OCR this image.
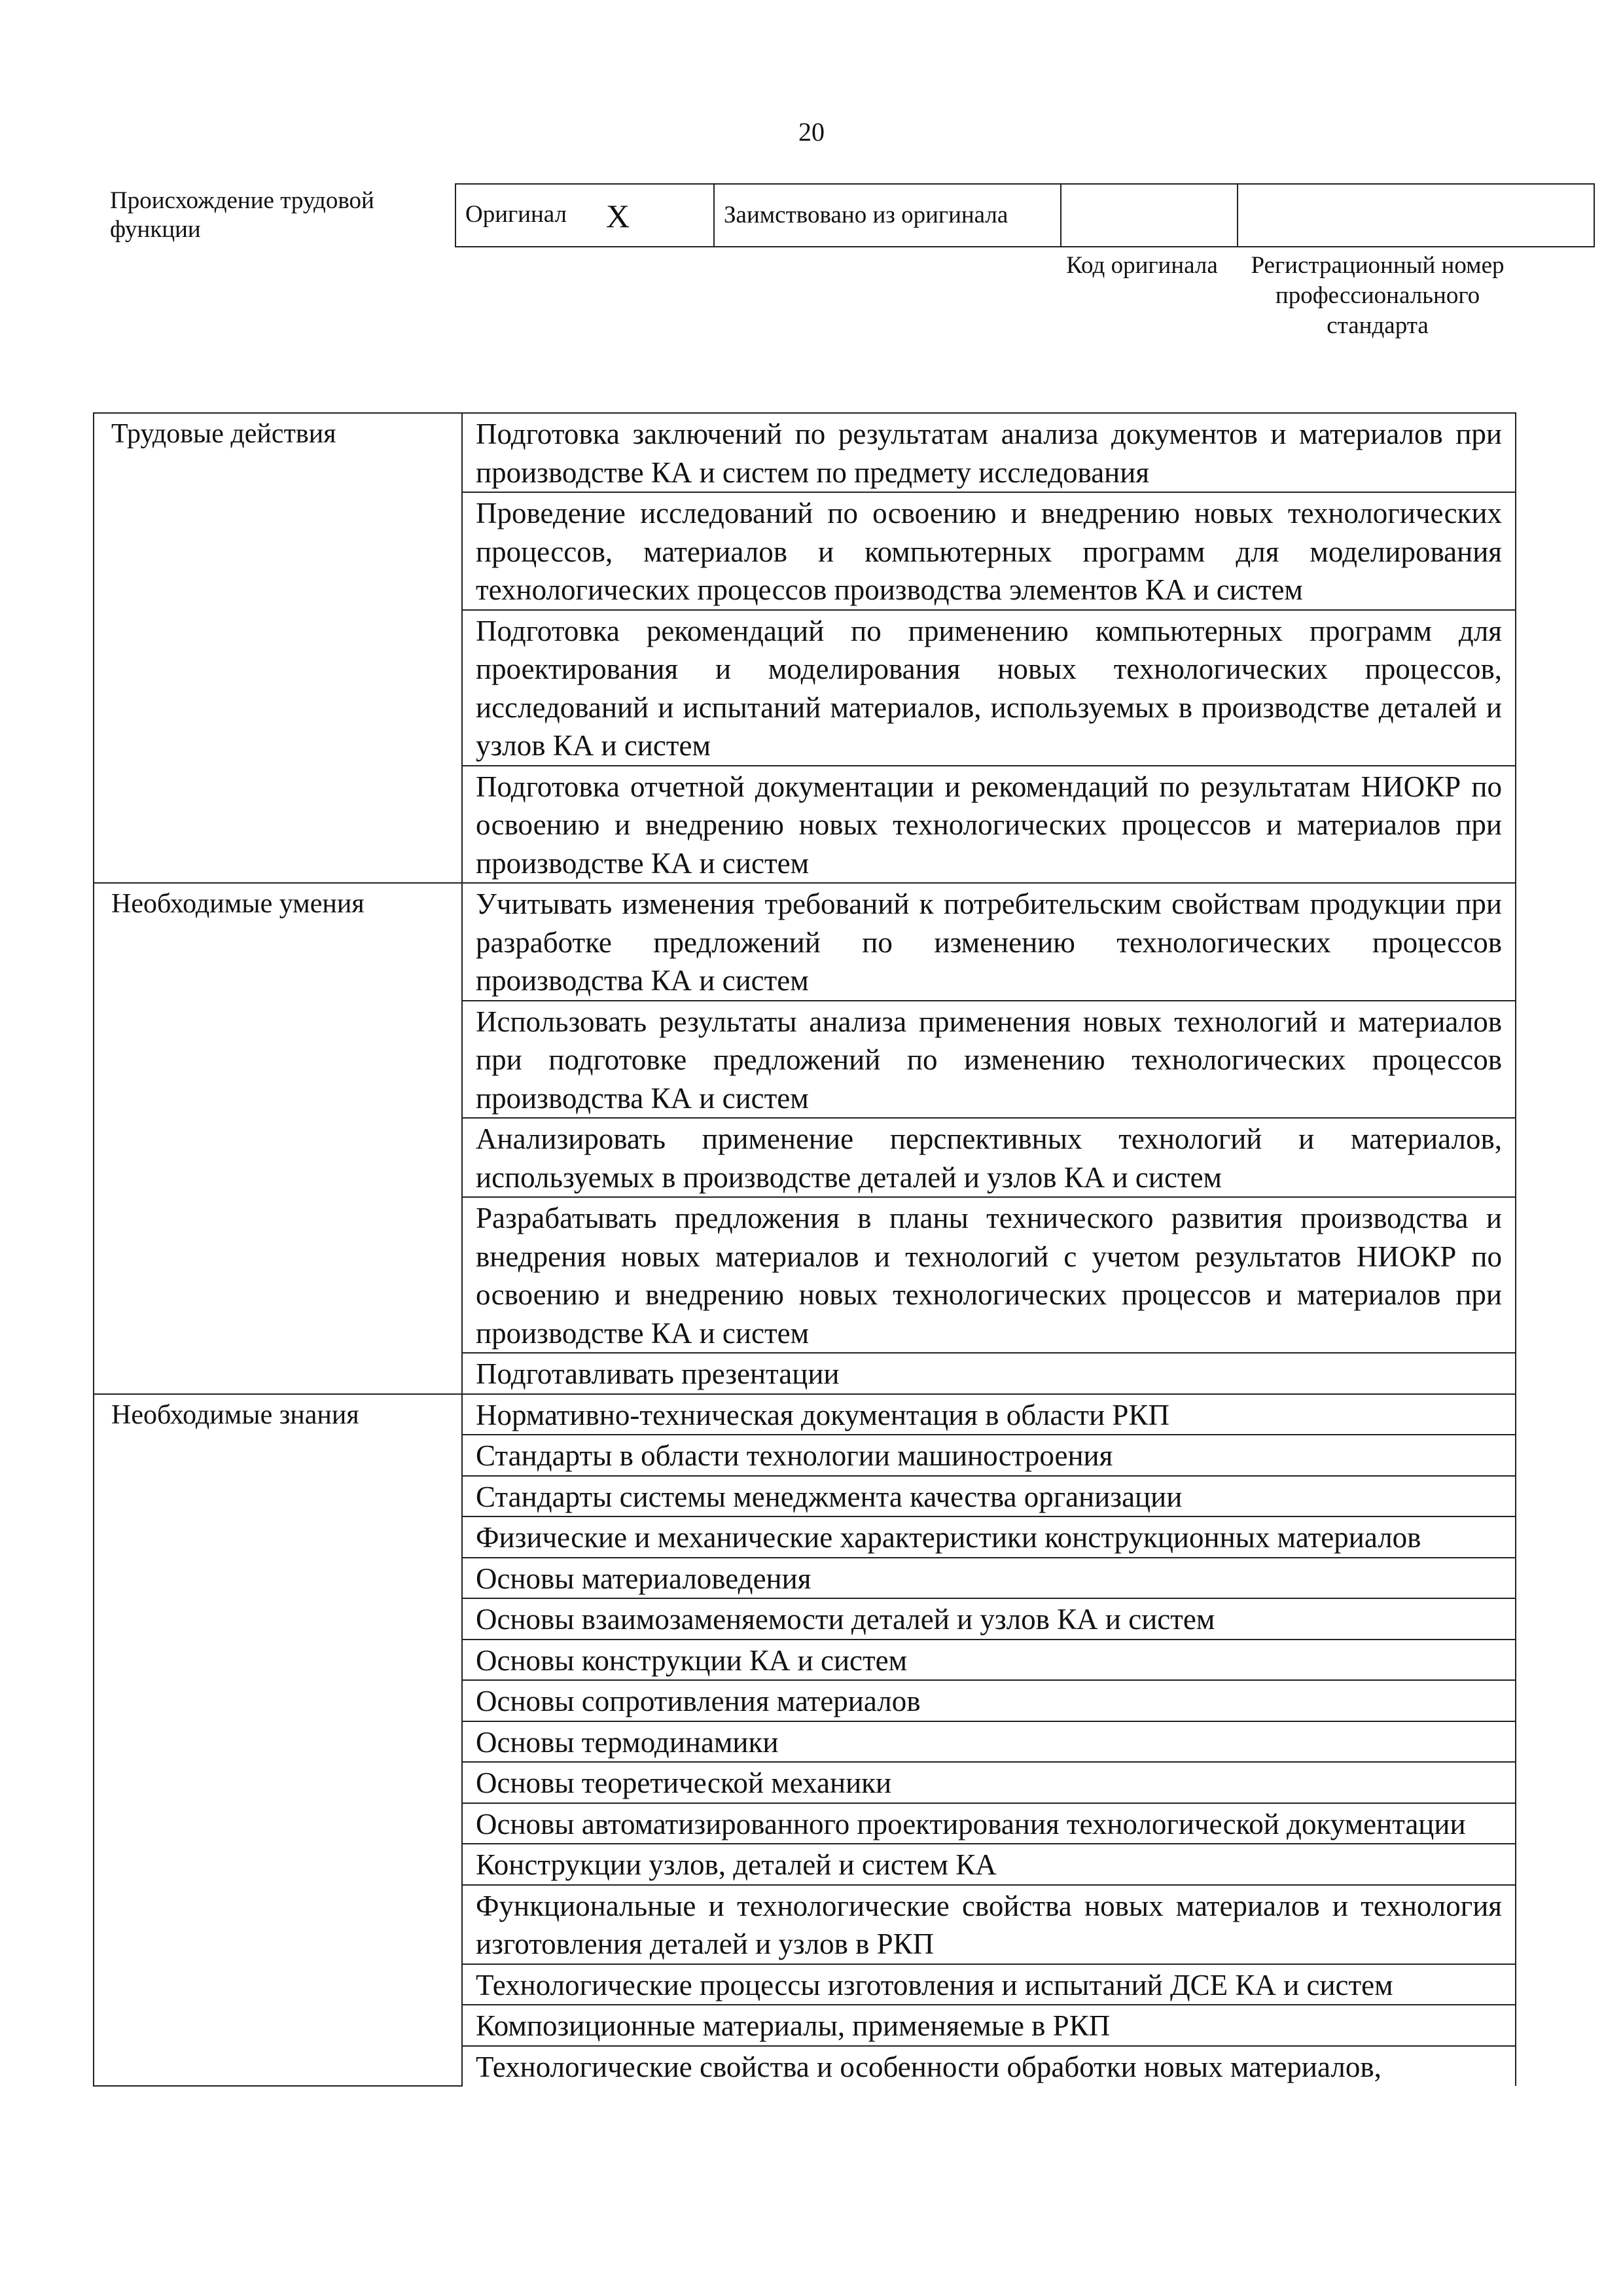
20
Происхождение трудовой функции
Оригинал X	Заимствовано из оригинала		
Код оригинала	Регистрационный номер профессионального стандарта
Трудовые действия	Подготовка заключений по результатам анализа документов и материалов при производстве КА и систем по предмету исследования
	Проведение исследований по освоению и внедрению новых технологических процессов, материалов и компьютерных программ для моделирования технологических процессов производства элементов КА и систем
	Подготовка рекомендаций по применению компьютерных программ для проектирования и моделирования новых технологических процессов, исследований и испытаний материалов, используемых в производстве деталей и узлов КА и систем
	Подготовка отчетной документации и рекомендаций по результатам НИОКР по освоению и внедрению новых технологических процессов и материалов при производстве КА и систем
Необходимые умения	Учитывать изменения требований к потребительским свойствам продукции при разработке предложений по изменению технологических процессов производства КА и систем
	Использовать результаты анализа применения новых технологий и материалов при подготовке предложений по изменению технологических процессов производства КА и систем
	Анализировать применение перспективных технологий и материалов, используемых в производстве деталей и узлов КА и систем
	Разрабатывать предложения в планы технического развития производства и внедрения новых материалов и технологий с учетом результатов НИОКР по освоению и внедрению новых технологических процессов и материалов при производстве КА и систем
	Подготавливать презентации
Необходимые знания	Нормативно-техническая документация в области РКП
	Стандарты в области технологии машиностроения
	Стандарты системы менеджмента качества организации
	Физические и механические характеристики конструкционных материалов
	Основы материаловедения
	Основы взаимозаменяемости деталей и узлов КА и систем
	Основы конструкции КА и систем
	Основы сопротивления материалов
	Основы термодинамики
	Основы теоретической механики
	Основы автоматизированного проектирования технологической документации
	Конструкции узлов, деталей и систем КА
	Функциональные и технологические свойства новых материалов и технология изготовления деталей и узлов в РКП
	Технологические процессы изготовления и испытаний ДСЕ КА и систем
	Композиционные материалы, применяемые в РКП
	Технологические свойства и особенности обработки новых материалов,
